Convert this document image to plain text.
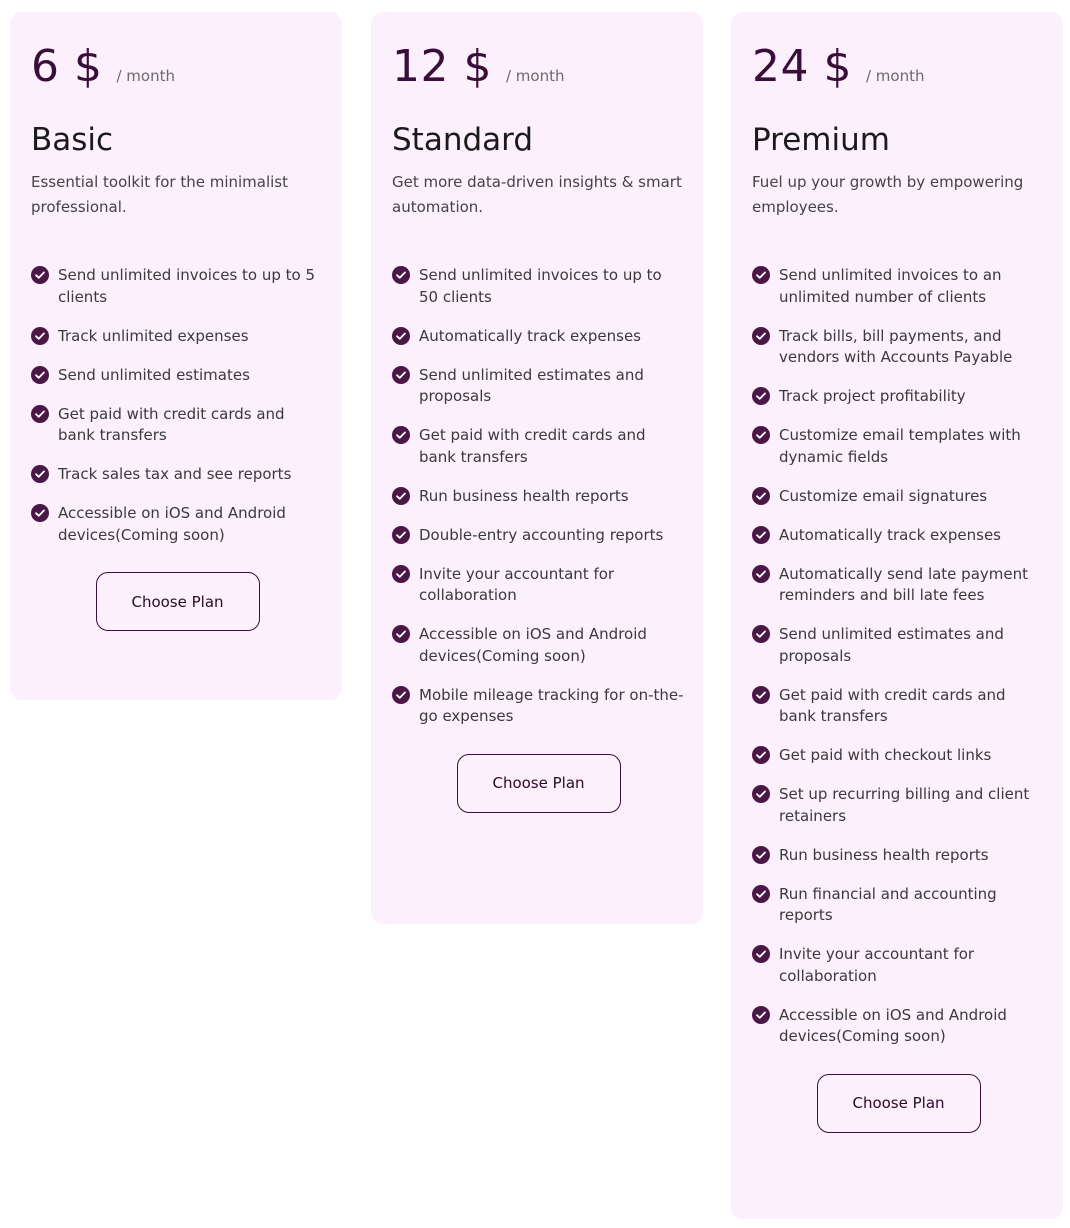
6 $ / month
Basic

Essential toolkit for the minimalist professional.

Send unlimited invoices to up to 5 clients
Track unlimited expenses
Send unlimited estimates
Get paid with credit cards and bank transfers
Track sales tax and see reports
Accessible on iOS and Android devices(Coming soon)
Choose Plan
12 $ / month
Standard

Get more data-driven insights & smart automation.

Send unlimited invoices to up to 50 clients
Automatically track expenses
Send unlimited estimates and proposals
Get paid with credit cards and bank transfers
Run business health reports
Double-entry accounting reports
Invite your accountant for collaboration
Accessible on iOS and Android devices(Coming soon)
Mobile mileage tracking for on-the-go expenses
Choose Plan
24 $ / month
Premium

Fuel up your growth by empowering employees.

Send unlimited invoices to an unlimited number of clients
Track bills, bill payments, and vendors with Accounts Payable
Track project profitability
Customize email templates with dynamic fields
Customize email signatures
Automatically track expenses
Automatically send late payment reminders and bill late fees
Send unlimited estimates and proposals
Get paid with credit cards and bank transfers
Get paid with checkout links
Set up recurring billing and client retainers
Run business health reports
Run financial and accounting reports
Invite your accountant for collaboration
Accessible on iOS and Android devices(Coming soon)
Choose Plan
